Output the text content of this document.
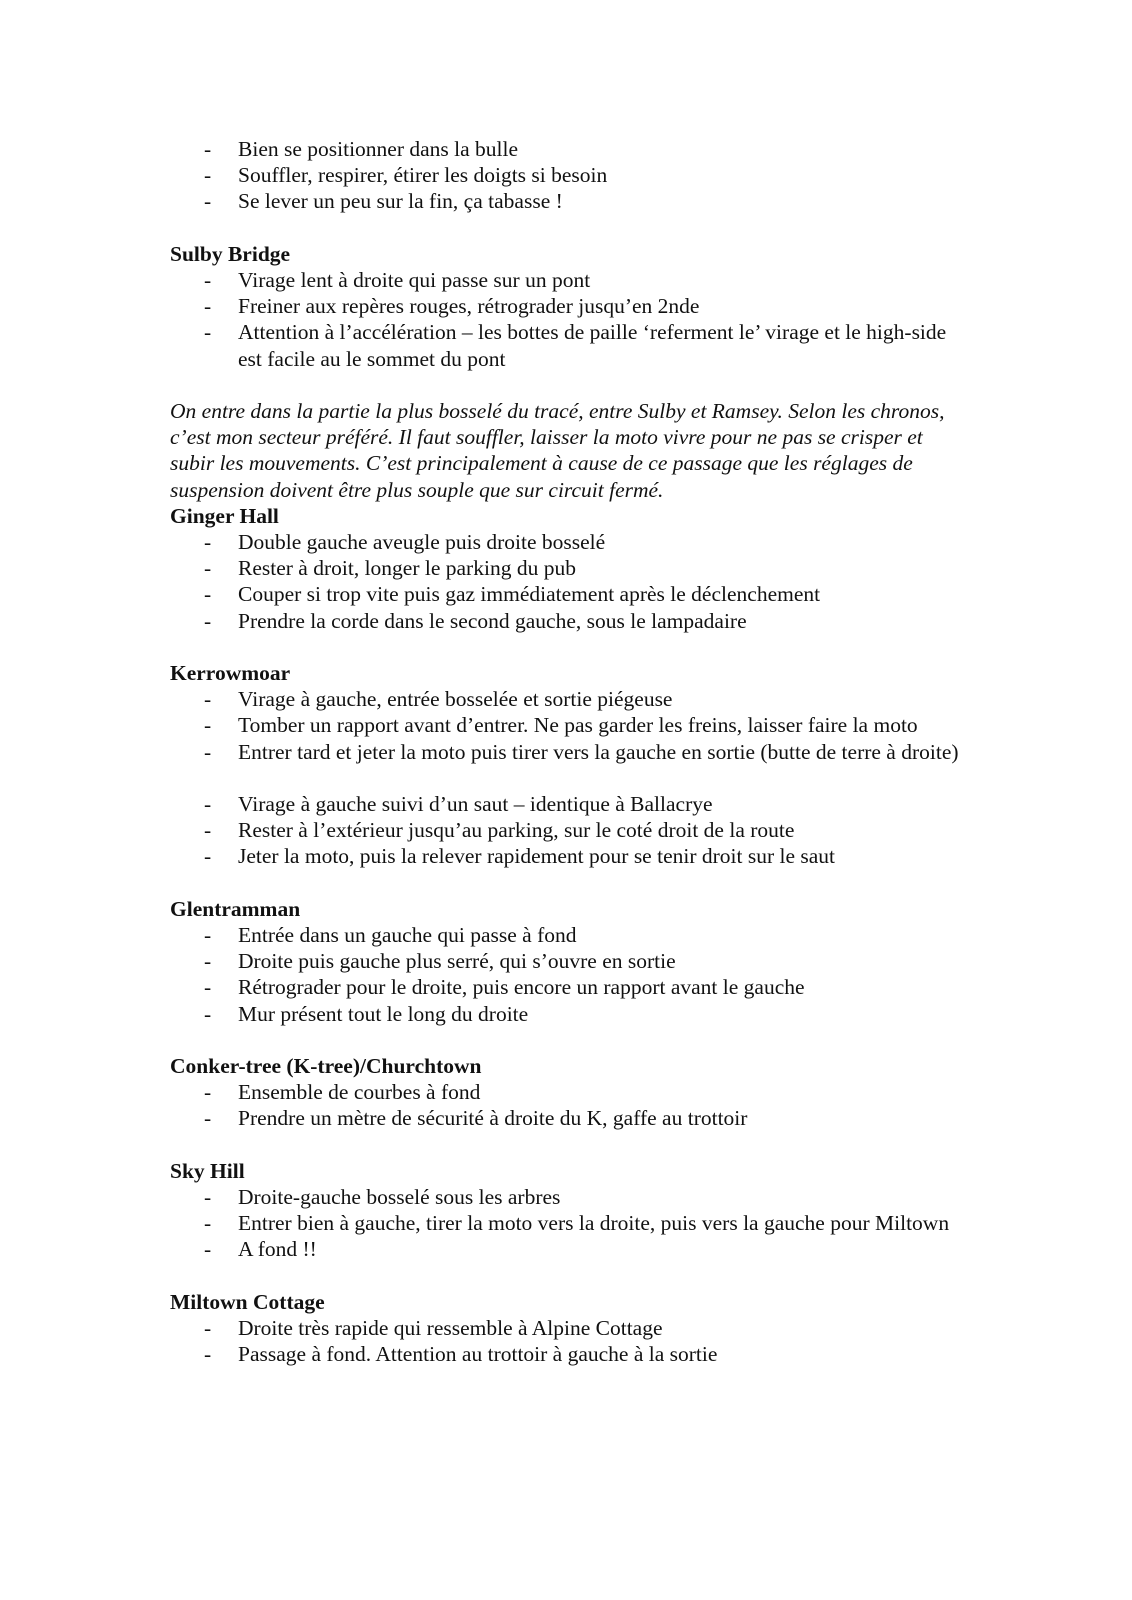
- Bien se positionner dans la bulle
- Souffler, respirer, étirer les doigts si besoin
- Se lever un peu sur la fin, ça tabasse !

Sulby Bridge

- Virage lent à droite qui passe sur un pont
- Freiner aux repères rouges, rétrograder jusqu’en 2nde
- Attention à l’accélération – les bottes de paille ‘referment le’ virage et le high-side est facile au le sommet du pont

On entre dans la partie la plus bosselé du tracé, entre Sulby et Ramsey. Selon les chronos, c’est mon secteur préféré. Il faut souffler, laisser la moto vivre pour ne pas se crisper et subir les mouvements. C’est principalement à cause de ce passage que les réglages de suspension doivent être plus souple que sur circuit fermé.

Ginger Hall

- Double gauche aveugle puis droite bosselé
- Rester à droit, longer le parking du pub
- Couper si trop vite puis gaz immédiatement après le déclenchement
- Prendre la corde dans le second gauche, sous le lampadaire

Kerrowmoar

- Virage à gauche, entrée bosselée et sortie piégeuse
- Tomber un rapport avant d’entrer. Ne pas garder les freins, laisser faire la moto
- Entrer tard et jeter la moto puis tirer vers la gauche en sortie (butte de terre à droite)
- Virage à gauche suivi d’un saut – identique à Ballacrye
- Rester à l’extérieur jusqu’au parking, sur le coté droit de la route
- Jeter la moto, puis la relever rapidement pour se tenir droit sur le saut

Glentramman

- Entrée dans un gauche qui passe à fond
- Droite puis gauche plus serré, qui s’ouvre en sortie
- Rétrograder pour le droite, puis encore un rapport avant le gauche
- Mur présent tout le long du droite

Conker-tree (K-tree)/Churchtown

- Ensemble de courbes à fond
- Prendre un mètre de sécurité à droite du K, gaffe au trottoir

Sky Hill

- Droite-gauche bosselé sous les arbres
- Entrer bien à gauche, tirer la moto vers la droite, puis vers la gauche pour Miltown
- A fond !!

Miltown Cottage

- Droite très rapide qui ressemble à Alpine Cottage
- Passage à fond. Attention au trottoir à gauche à la sortie
